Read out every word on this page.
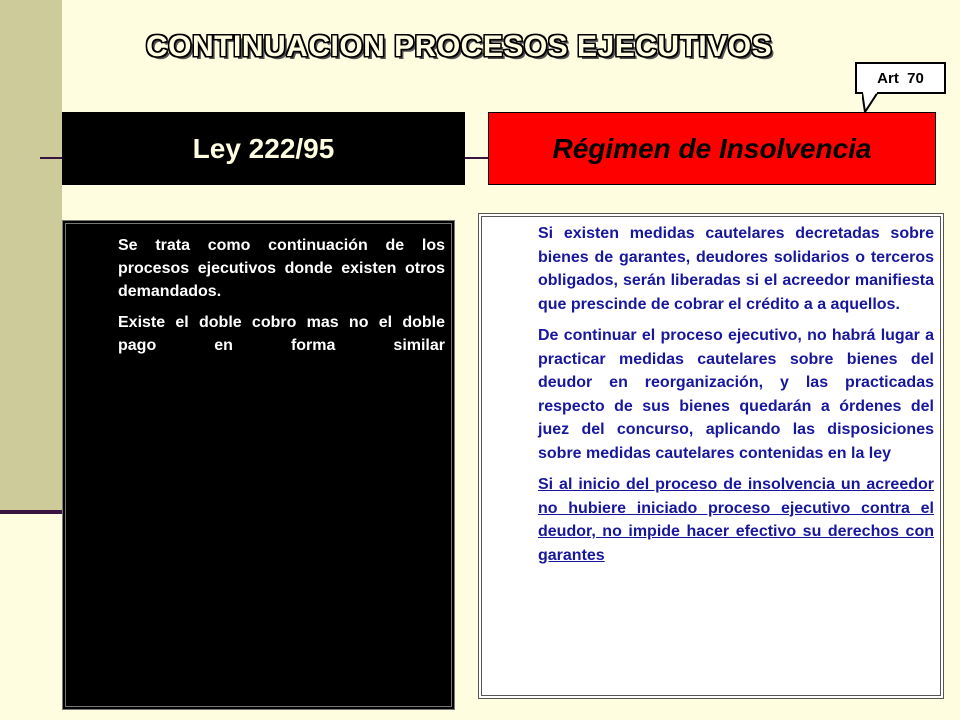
CONTINUACION PROCESOS EJECUTIVOS
Art  70
Ley 222/95	Régimen de Insolvencia

Se trata como continuación de los procesos ejecutivos donde existen otros demandados.

Existe el doble cobro mas no el doble pago en forma similar

Si existen medidas cautelares decretadas sobre bienes de garantes, deudores solidarios o terceros obligados, serán liberadas si el acreedor manifiesta que prescinde de cobrar el crédito a a aquellos.

De continuar el proceso ejecutivo, no habrá lugar a practicar medidas cautelares sobre bienes del deudor en reorganización, y las practicadas respecto de sus bienes quedarán a órdenes del juez del concurso, aplicando las disposiciones sobre medidas cautelares contenidas en la ley

Si al inicio del proceso de insolvencia un acreedor no hubiere iniciado proceso ejecutivo contra el deudor, no impide hacer efectivo su derechos con garantes
